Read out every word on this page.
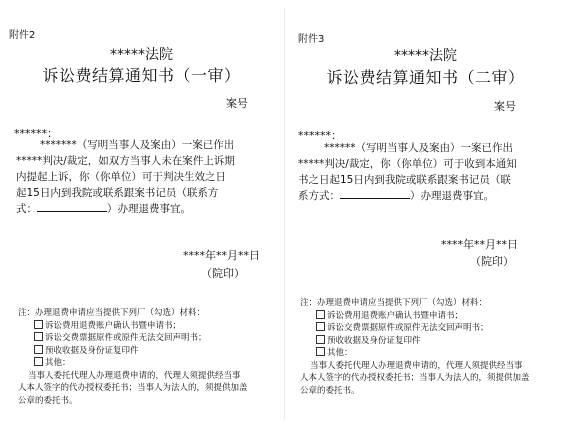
附件2
*****法院
诉讼费结算通知书（一审）
案号
******：
*******（写明当事人及案由）一案已作出
*****判决/裁定，如双方当事人未在案件上诉期
内提起上诉，你（你单位）可于判决生效之日
起15日内到我院或联系跟案书记员（联系方
式：	）办理退费事宜。
****年**月**日
（院印）
注：办理退费申请应当提供下列厂（勾选）材料：
诉讼费用退费账户确认书暨申请书；
诉讼交费票据原件或原件无法交回声明书；
预收收据及身份证复印件
其他：
当事人委托代理人办理退费申请的，代理人须提供经当事
人本人签字的代办授权委托书；当事人为法人的，须提供加盖
公章的委托书。
附件3
*****法院
诉讼费结算通知书（二审）
案号
******：
******（写明当事人及案由）一案已作出
*****判决/裁定，你（你单位）可于收到本通知
书之日起15日内到我院或联系跟案书记员（联
系方式：	）办理退费事宜。
****年**月**日
（院印）
注：办理退费申请应当提供下列厂（勾选）材料：
诉讼费用退费账户确认书暨申请书；
诉讼交费票据原件或原件无法交回声明书；
预收收据及身份证复印件
其他：
当事人委托代理人办理退费申请的，代理人须提供经当事
人本人签字的代办授权委托书；当事人为法人的，须提供加盖
公章的委托书。
